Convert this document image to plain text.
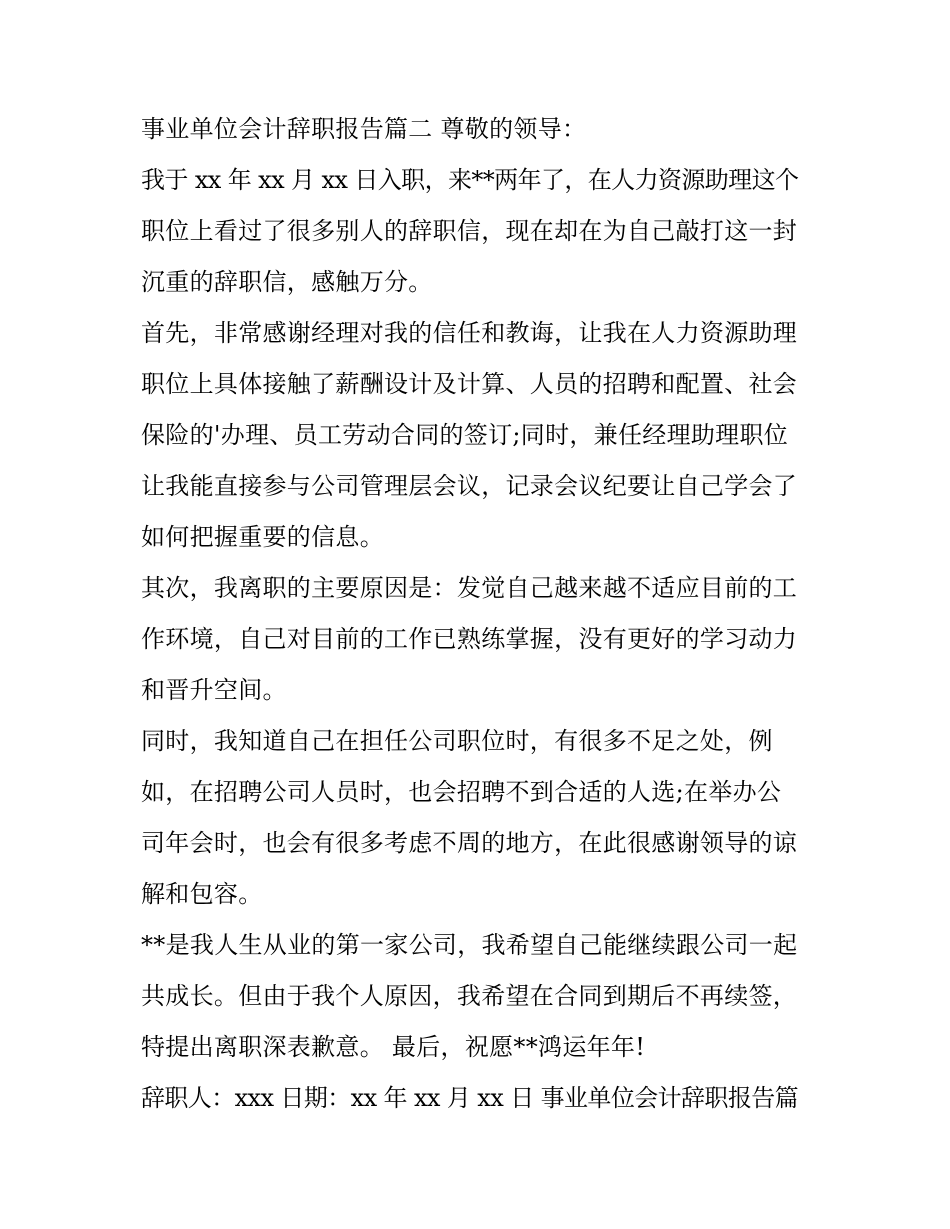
事业单位会计辞职报告篇二 尊敬的领导：
我于 xx 年 xx 月 xx 日入职，来**两年了，在人力资源助理这个
职位上看过了很多别人的辞职信，现在却在为自己敲打这一封
沉重的辞职信，感触万分。
首先，非常感谢经理对我的信任和教诲，让我在人力资源助理
职位上具体接触了薪酬设计及计算、人员的招聘和配置、社会
保险的'办理、员工劳动合同的签订;同时，兼任经理助理职位
让我能直接参与公司管理层会议，记录会议纪要让自己学会了
如何把握重要的信息。
其次，我离职的主要原因是：发觉自己越来越不适应目前的工
作环境，自己对目前的工作已熟练掌握，没有更好的学习动力
和晋升空间。
同时，我知道自己在担任公司职位时，有很多不足之处，例
如，在招聘公司人员时，也会招聘不到合适的人选;在举办公
司年会时，也会有很多考虑不周的地方，在此很感谢领导的谅
解和包容。
**是我人生从业的第一家公司，我希望自己能继续跟公司一起
共成长。但由于我个人原因，我希望在合同到期后不再续签，
特提出离职深表歉意。 最后，祝愿**鸿运年年!
辞职人：xxx 日期：xx 年 xx 月 xx 日 事业单位会计辞职报告篇
